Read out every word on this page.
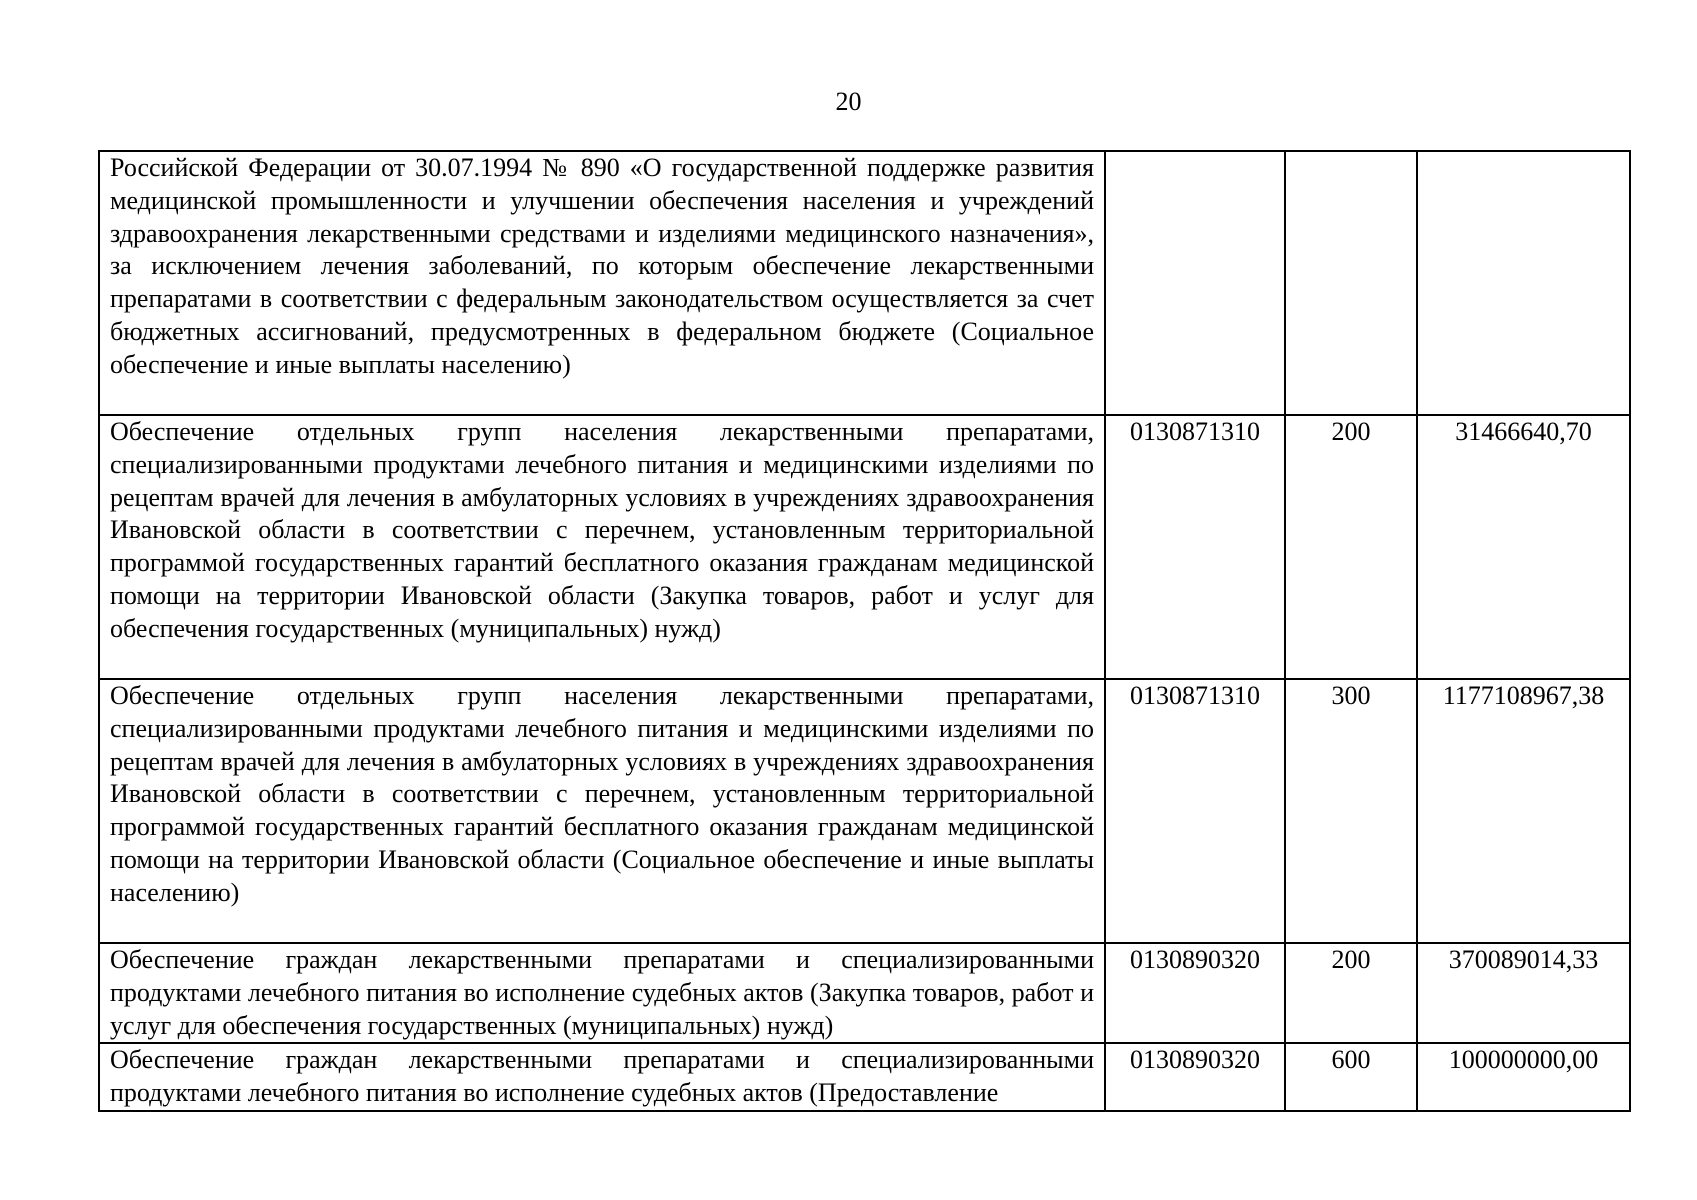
20
Российской Федерации от 30.07.1994 № 890 «О государственной поддержке развития медицинской промышленности и улучшении обеспечения населения и учреждений здравоохранения лекарственными средствами и изделиями медицинского назначения», за исключением лечения заболеваний, по которым обеспечение лекарственными препаратами в соответствии с федеральным законодательством осуществляется за счет бюджетных ассигнований, предусмотренных в федеральном бюджете (Социальное обеспечение и иные выплаты населению)			
Обеспечение отдельных групп населения лекарственными препаратами, специализированными продуктами лечебного питания и медицинскими изделиями по рецептам врачей для лечения в амбулаторных условиях в учреждениях здравоохранения Ивановской области в соответствии с перечнем, установленным территориальной программой государственных гарантий бесплатного оказания гражданам медицинской помощи на территории Ивановской области (Закупка товаров, работ и услуг для обеспечения государственных (муниципальных) нужд)	0130871310	200	31466640,70
Обеспечение отдельных групп населения лекарственными препаратами, специализированными продуктами лечебного питания и медицинскими изделиями по рецептам врачей для лечения в амбулаторных условиях в учреждениях здравоохранения Ивановской области в соответствии с перечнем, установленным территориальной программой государственных гарантий бесплатного оказания гражданам медицинской помощи на территории Ивановской области (Социальное обеспечение и иные выплаты населению)	0130871310	300	1177108967,38
Обеспечение граждан лекарственными препаратами и специализированными продуктами лечебного питания во исполнение судебных актов (Закупка товаров, работ и услуг для обеспечения государственных (муниципальных) нужд)	0130890320	200	370089014,33
Обеспечение граждан лекарственными препаратами и специализированными продуктами лечебного питания во исполнение судебных актов (Предоставление	0130890320	600	100000000,00
